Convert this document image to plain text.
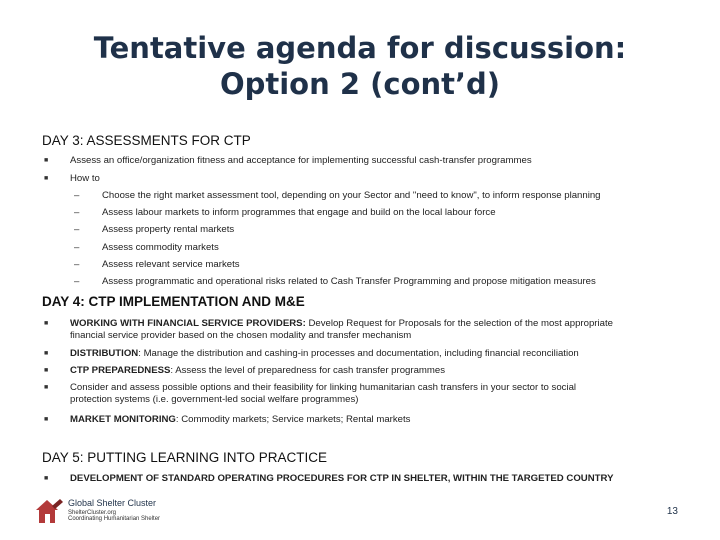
Tentative agenda for discussion:
Option 2 (cont’d)
DAY 3: ASSESSMENTS FOR CTP
■	Assess an office/organization fitness and acceptance for implementing successful cash-transfer programmes
■	How to
–	Choose the right market assessment tool, depending on your Sector and "need to know", to inform response planning
–	Assess labour markets to inform programmes that engage and build on the local labour force
–	Assess property rental markets
–	Assess commodity markets
–	Assess relevant service markets
–	Assess programmatic and operational risks related to Cash Transfer Programming and propose mitigation measures
DAY 4: CTP IMPLEMENTATION AND M&E
■	WORKING WITH FINANCIAL SERVICE PROVIDERS: Develop Request for Proposals for the selection of the most appropriate
financial service provider based on the chosen modality and transfer mechanism
■	DISTRIBUTION: Manage the distribution and cashing-in processes and documentation, including financial reconciliation
■	CTP PREPAREDNESS: Assess the level of preparedness for cash transfer programmes
■	Consider and assess possible options and their feasibility for linking humanitarian cash transfers in your sector to social
protection systems (i.e. government-led social welfare programmes)
■	MARKET MONITORING: Commodity markets; Service markets; Rental markets
DAY 5: PUTTING LEARNING INTO PRACTICE
■	DEVELOPMENT OF STANDARD OPERATING PROCEDURES FOR CTP IN SHELTER, WITHIN THE TARGETED COUNTRY
Global Shelter Cluster
ShelterCluster.org
Coordinating Humanitarian Shelter
13
